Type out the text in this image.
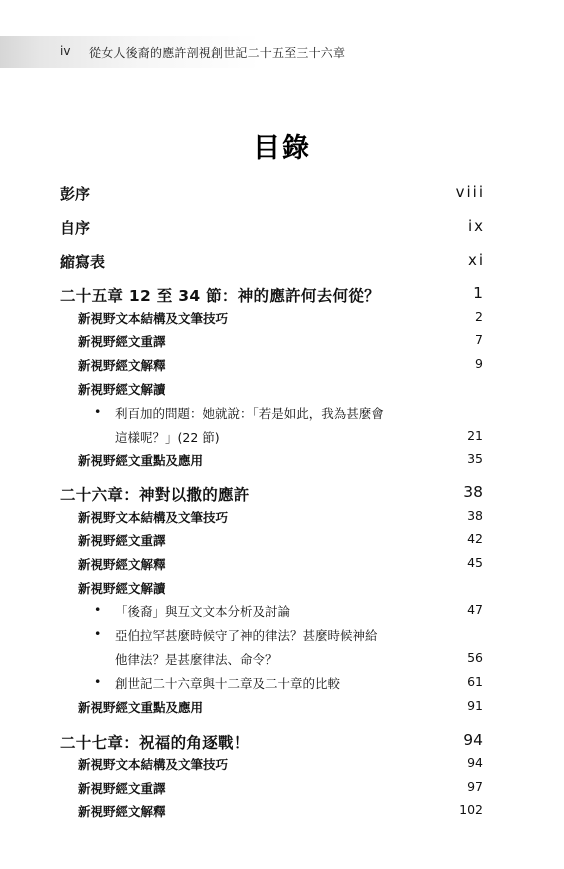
iv 從女人後裔的應許剖視創世記二十五至三十六章
目錄
彭序	viii
自序	ix
縮寫表	xi
二十五章 12 至 34 節：神的應許何去何從？	1
新視野文本結構及文筆技巧	2
新視野經文重譯	7
新視野經文解釋	9
新視野經文解讀
• 利百加的問題：她就說：「若是如此，我為甚麼會
這樣呢？」(22 節)	21
新視野經文重點及應用	35
二十六章：神對以撒的應許	38
新視野文本結構及文筆技巧	38
新視野經文重譯	42
新視野經文解釋	45
新視野經文解讀
• 「後裔」與互文文本分析及討論	47
• 亞伯拉罕甚麼時候守了神的律法？甚麼時候神給
他律法？是甚麼律法、命令？	56
• 創世記二十六章與十二章及二十章的比較	61
新視野經文重點及應用	91
二十七章：祝福的角逐戰！	94
新視野文本結構及文筆技巧	94
新視野經文重譯	97
新視野經文解釋	102
